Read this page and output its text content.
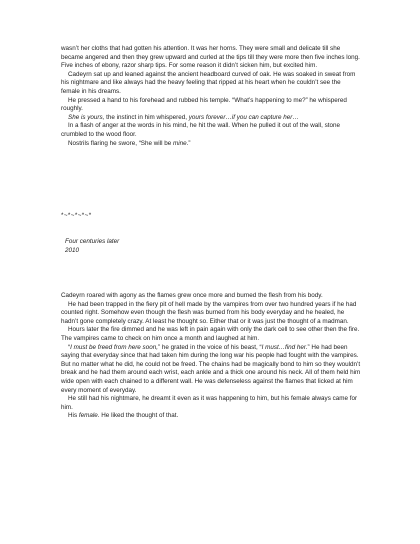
wasn’t her cloths that had gotten his attention. It was her horns. They were small and delicate till she became angered and then they grew upward and curled at the tips till they were more then five inches long. Five inches of ebony, razor sharp tips. For some reason it didn’t sicken him, but excited him.

Cadeyrn sat up and leaned against the ancient headboard curved of oak. He was soaked in sweat from his nightmare and like always had the heavy feeling that ripped at his heart when he couldn’t see the female in his dreams.

He pressed a hand to his forehead and rubbed his temple. “What’s happening to me?” he whispered roughly.

She is yours, the instinct in him whispered, yours forever…if you can capture her…

In a flash of anger at the words in his mind, he hit the wall. When he pulled it out of the wall, stone crumbled to the wood floor.

Nostrils flaring he swore, “She will be mine.”

*~*~*~*~*

Four centuries later

2010

Cadeyrn roared with agony as the flames grew once more and burned the flesh from his body.

He had been trapped in the fiery pit of hell made by the vampires from over two hundred years if he had counted right. Somehow even though the flesh was burned from his body everyday and he healed, he hadn’t gone completely crazy. At least he thought so. Either that or it was just the thought of a madman.

Hours later the fire dimmed and he was left in pain again with only the dark cell to see other then the fire. The vampires came to check on him once a month and laughed at him.

“I must be freed from here soon,” he grated in the voice of his beast, “I must…find her.” He had been saying that everyday since that had taken him during the long war his people had fought with the vampires. But no matter what he did, he could not be freed. The chains had be magically bond to him so they wouldn’t break and he had them around each wrist, each ankle and a thick one around his neck. All of them held him wide open with each chained to a different wall. He was defenseless against the flames that licked at him every moment of everyday.

He still had his nightmare, he dreamt it even as it was happening to him, but his female always came for him.

His female. He liked the thought of that.
